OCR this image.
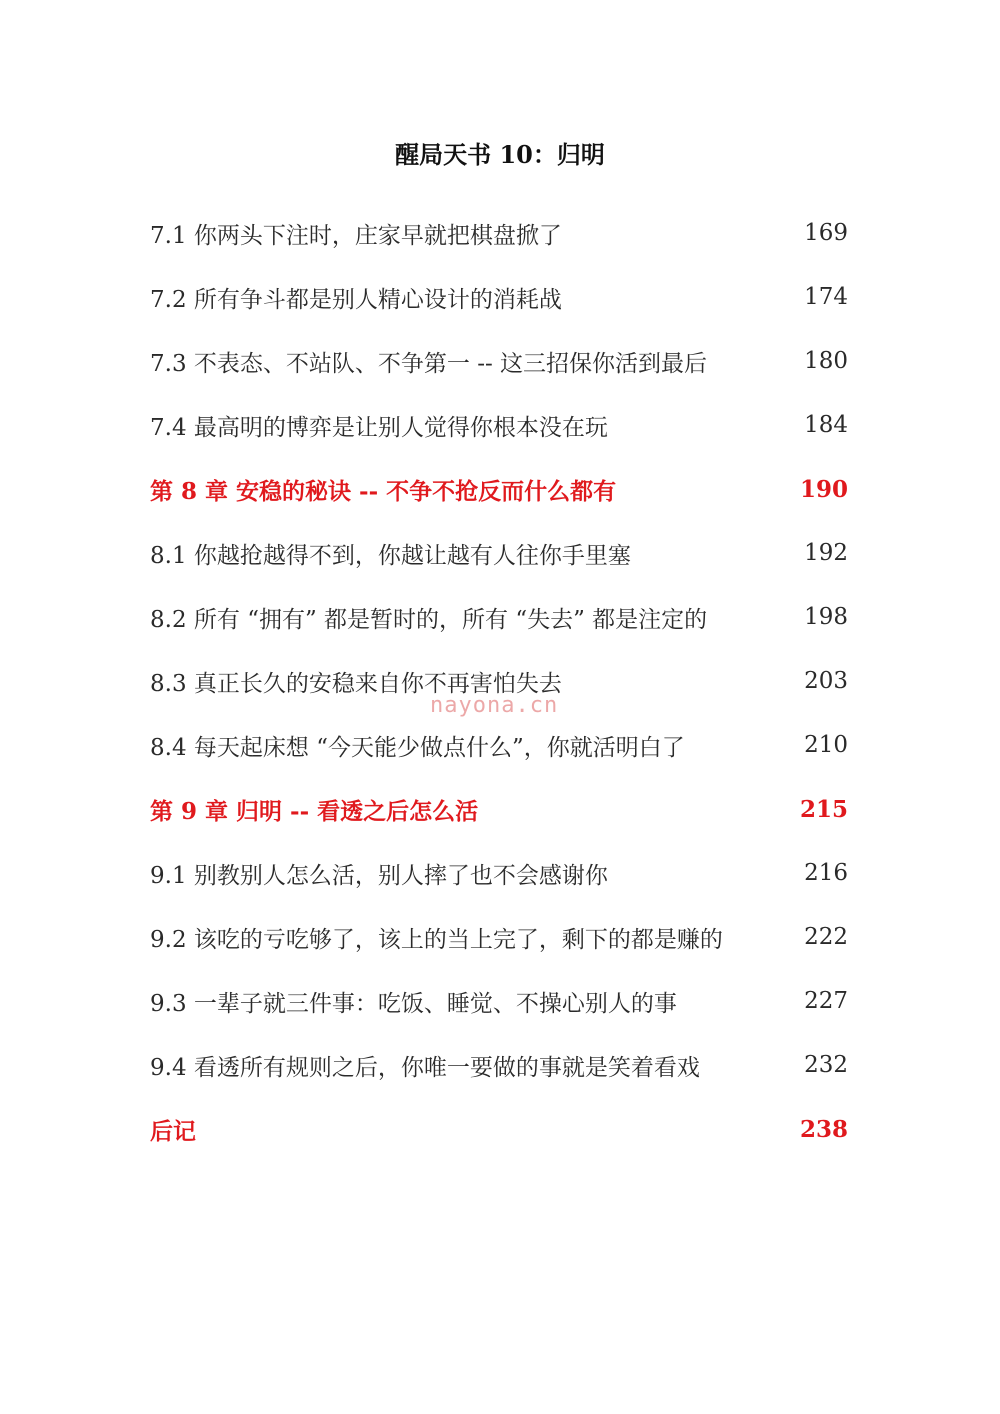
醒局天书 10：归明
7.1 你两头下注时，庄家早就把棋盘掀了	169
7.2 所有争斗都是别人精心设计的消耗战	174
7.3 不表态、不站队、不争第一 -- 这三招保你活到最后	180
7.4 最高明的博弈是让别人觉得你根本没在玩	184
第 8 章 安稳的秘诀 -- 不争不抢反而什么都有	190
8.1 你越抢越得不到，你越让越有人往你手里塞	192
8.2 所有 “拥有” 都是暂时的，所有 “失去” 都是注定的	198
8.3 真正长久的安稳来自你不再害怕失去	203
8.4 每天起床想 “今天能少做点什么”，你就活明白了	210
第 9 章 归明 -- 看透之后怎么活	215
9.1 别教别人怎么活，别人摔了也不会感谢你	216
9.2 该吃的亏吃够了，该上的当上完了，剩下的都是赚的	222
9.3 一辈子就三件事：吃饭、睡觉、不操心别人的事	227
9.4 看透所有规则之后，你唯一要做的事就是笑着看戏	232
后记	238
nayona.cn
